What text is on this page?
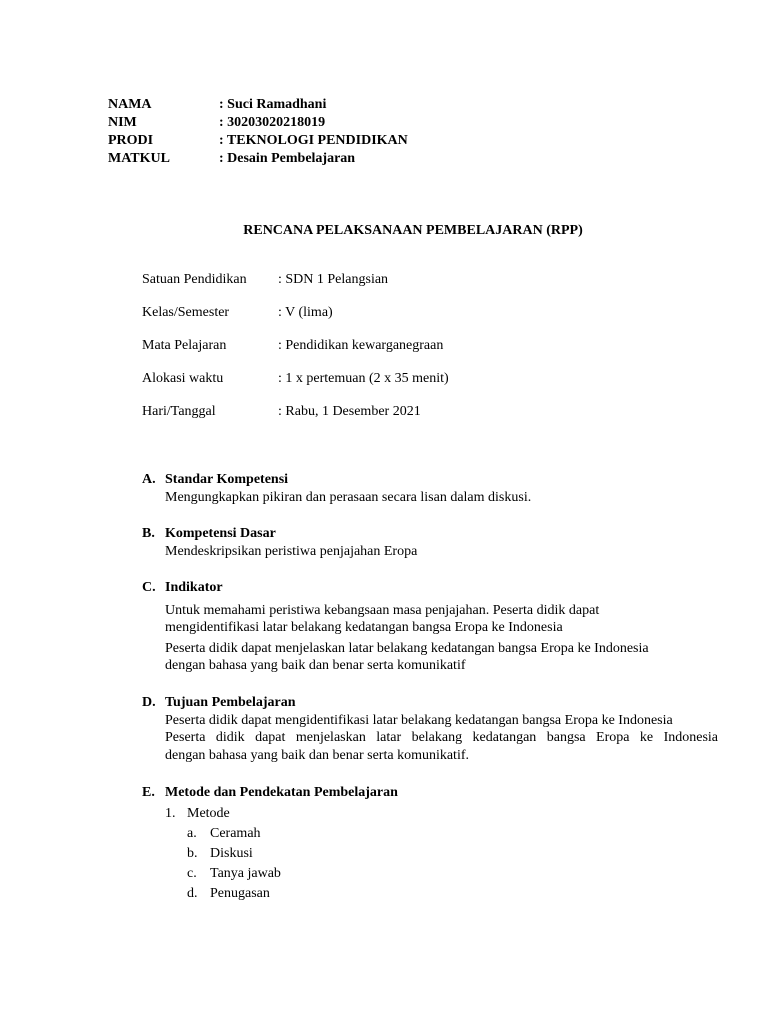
NAMA	: Suci Ramadhani
NIM	: 30203020218019
PRODI	: TEKNOLOGI PENDIDIKAN
MATKUL	: Desain Pembelajaran
RENCANA PELAKSANAAN PEMBELAJARAN (RPP)
Satuan Pendidikan	: SDN 1 Pelangsian
Kelas/Semester	: V (lima)
Mata Pelajaran	: Pendidikan kewarganegraan
Alokasi waktu	: 1 x pertemuan (2 x 35 menit)
Hari/Tanggal	: Rabu, 1 Desember 2021
A. Standar Kompetensi

Mengungkapkan pikiran dan perasaan secara lisan dalam diskusi.

B. Kompetensi Dasar

Mendeskripsikan peristiwa penjajahan Eropa

C. Indikator

Untuk memahami peristiwa kebangsaan masa penjajahan. Peserta didik dapat

mengidentifikasi latar belakang kedatangan bangsa Eropa ke Indonesia

Peserta didik dapat menjelaskan latar belakang kedatangan bangsa Eropa ke Indonesia

dengan bahasa yang baik dan benar serta komunikatif

D. Tujuan Pembelajaran

Peserta didik dapat mengidentifikasi latar belakang kedatangan bangsa Eropa ke Indonesia

Peserta didik dapat menjelaskan latar belakang kedatangan bangsa Eropa ke Indonesia

dengan bahasa yang baik dan benar serta komunikatif.

E. Metode dan Pendekatan Pembelajaran
1. Metode
a. Ceramah
b. Diskusi
c. Tanya jawab
d. Penugasan
